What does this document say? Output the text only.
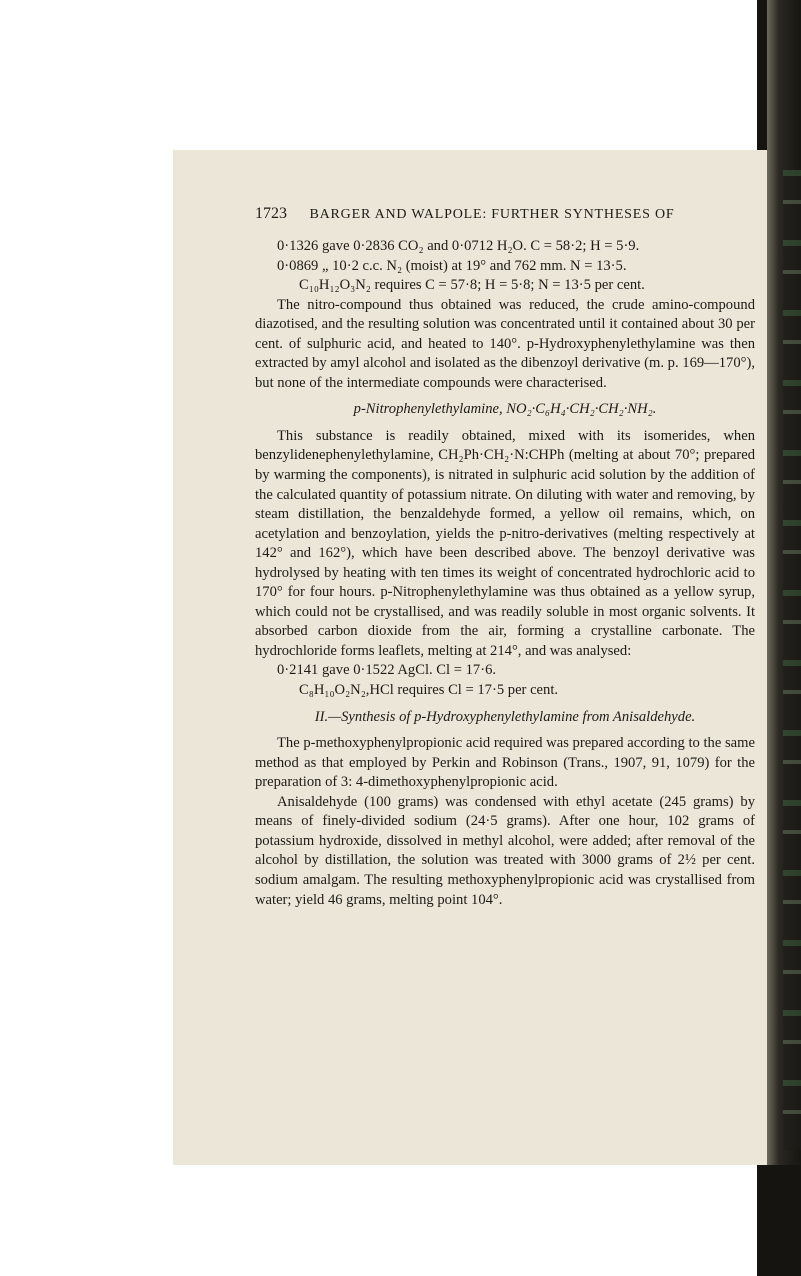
1723 BARGER AND WALPOLE: FURTHER SYNTHESES OF

0·1326 gave 0·2836 CO₂ and 0·0712 H₂O. C = 58·2; H = 5·9.

0·0869 „ 10·2 c.c. N₂ (moist) at 19° and 762 mm. N = 13·5.

C₁₀H₁₂O₃N₂ requires C = 57·8; H = 5·8; N = 13·5 per cent.

The nitro-compound thus obtained was reduced, the crude amino-compound diazotised, and the resulting solution was concentrated until it contained about 30 per cent. of sulphuric acid, and heated to 140°. p-Hydroxyphenylethylamine was then extracted by amyl alcohol and isolated as the dibenzoyl derivative (m. p. 169—170°), but none of the intermediate compounds were characterised.

p-Nitrophenylethylamine, NO₂·C₆H₄·CH₂·CH₂·NH₂.

This substance is readily obtained, mixed with its isomerides, when benzylidenephenylethylamine, CH₂Ph·CH₂·N:CHPh (melting at about 70°; prepared by warming the components), is nitrated in sulphuric acid solution by the addition of the calculated quantity of potassium nitrate. On diluting with water and removing, by steam distillation, the benzaldehyde formed, a yellow oil remains, which, on acetylation and benzoylation, yields the p-nitro-derivatives (melting respectively at 142° and 162°), which have been described above. The benzoyl derivative was hydrolysed by heating with ten times its weight of concentrated hydrochloric acid to 170° for four hours. p-Nitrophenylethylamine was thus obtained as a yellow syrup, which could not be crystallised, and was readily soluble in most organic solvents. It absorbed carbon dioxide from the air, forming a crystalline carbonate. The hydrochloride forms leaflets, melting at 214°, and was analysed:

0·2141 gave 0·1522 AgCl. Cl = 17·6.

C₈H₁₀O₂N₂,HCl requires Cl = 17·5 per cent.

II.—Synthesis of p-Hydroxyphenylethylamine from Anisaldehyde.

The p-methoxyphenylpropionic acid required was prepared according to the same method as that employed by Perkin and Robinson (Trans., 1907, 91, 1079) for the preparation of 3: 4-dimethoxyphenylpropionic acid.

Anisaldehyde (100 grams) was condensed with ethyl acetate (245 grams) by means of finely-divided sodium (24·5 grams). After one hour, 102 grams of potassium hydroxide, dissolved in methyl alcohol, were added; after removal of the alcohol by distillation, the solution was treated with 3000 grams of 2½ per cent. sodium amalgam. The resulting methoxyphenylpropionic acid was crystallised from water; yield 46 grams, melting point 104°.
